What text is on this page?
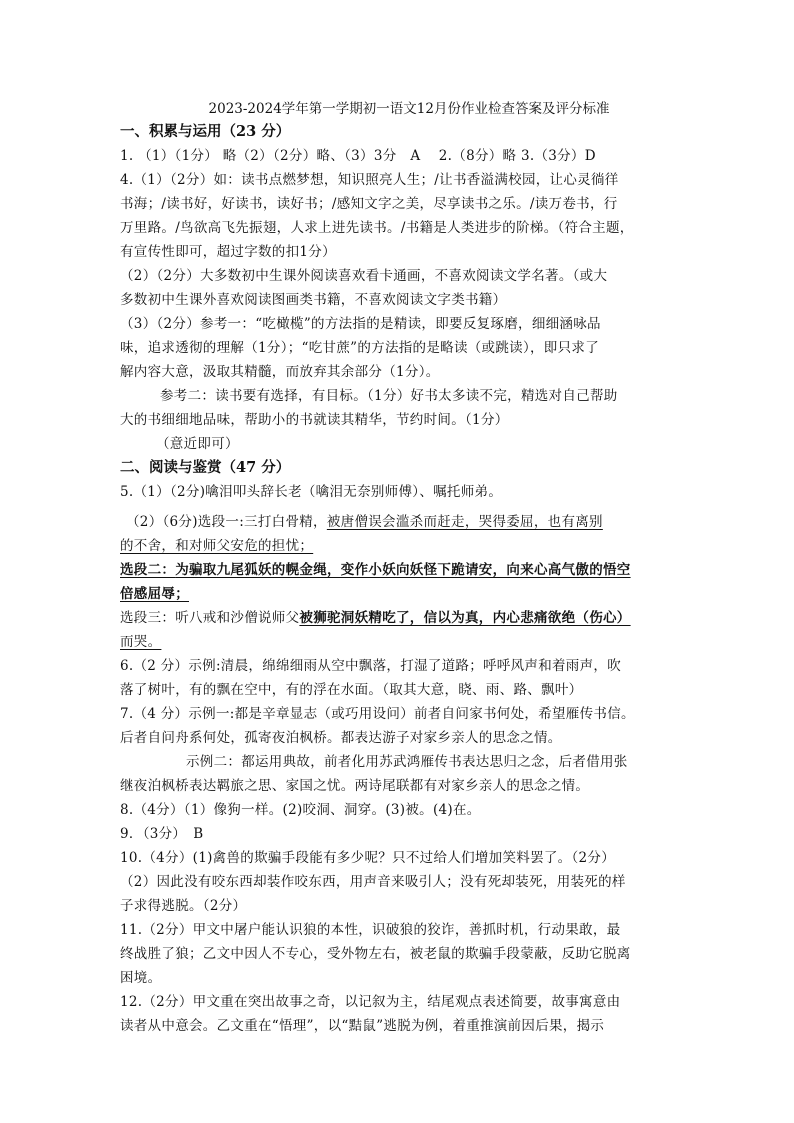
2023-2024学年第一学期初一语文12月份作业检查答案及评分标准

一、积累与运用（23 分）

1. （1）（1分） 略（2）（2分）略、（3）3分　A　 2.（8分）略 3.（3分）D

4.（1）（2分）如：读书点燃梦想，知识照亮人生；/让书香溢满校园，让心灵徜徉

书海；/读书好，好读书，读好书；/感知文字之美，尽享读书之乐。/读万卷书，行

万里路。/鸟欲高飞先振翅，人求上进先读书。/书籍是人类进步的阶梯。（符合主题，

有宣传性即可，超过字数的扣1分）

（2）（2分）大多数初中生课外阅读喜欢看卡通画，不喜欢阅读文学名著。（或大

多数初中生课外喜欢阅读图画类书籍，不喜欢阅读文字类书籍）

（3）（2分）参考一：“吃橄榄”的方法指的是精读，即要反复琢磨，细细涵咏品

味，追求透彻的理解（1分）；“吃甘蔗”的方法指的是略读（或跳读），即只求了

解内容大意，汲取其精髓，而放弃其余部分（1分）。

参考二：读书要有选择，有目标。（1分）好书太多读不完，精选对自己帮助

大的书细细地品味，帮助小的书就读其精华，节约时间。（1分）

（意近即可）

二、阅读与鉴赏（47 分）

5.（1）（2分)噙泪叩头辞长老（噙泪无奈别师傅）、嘱托师弟。

（2）（6分)选段一:三打白骨精，被唐僧误会滥杀而赶走，哭得委屈，也有离别

的不舍，和对师父安危的担忧；

选段二：为骗取九尾狐妖的幌金绳，变作小妖向妖怪下跪请安，向来心高气傲的悟空

倍感屈辱；

选段三：听八戒和沙僧说师父被狮驼洞妖精吃了，信以为真，内心悲痛欲绝（伤心）

而哭。

6.（2 分）示例:清晨，绵绵细雨从空中飘落，打湿了道路；呼呼风声和着雨声，吹

落了树叶，有的飘在空中，有的浮在水面。（取其大意，晓、雨、路、飘叶）

7.（4 分）示例一:都是辛章显志（或巧用设问）前者自问家书何处，希望雁传书信。

后者自问舟系何处，孤寄夜泊枫桥。都表达游子对家乡亲人的思念之情。

示例二：都运用典故，前者化用苏武鸿雁传书表达思归之念，后者借用张

继夜泊枫桥表达羁旅之思、家国之忧。两诗尾联都有对家乡亲人的思念之情。

8.（4分）（1）像狗一样。(2)咬洞、洞穿。(3)被。(4)在。

9．（3分）　B

10.（4分）(1)禽兽的欺骗手段能有多少呢？只不过给人们增加笑料罢了。（2分）

（2）因此没有咬东西却装作咬东西，用声音来吸引人；没有死却装死，用装死的样

子求得逃脱。（2分）

11.（2分）甲文中屠户能认识狼的本性，识破狼的狡诈，善抓时机，行动果敢，最

终战胜了狼；乙文中因人不专心，受外物左右，被老鼠的欺骗手段蒙蔽，反助它脱离

困境。

12.（2分）甲文重在突出故事之奇，以记叙为主，结尾观点表述简要，故事寓意由

读者从中意会。乙文重在“悟理”，以“黠鼠”逃脱为例，着重推演前因后果，揭示
